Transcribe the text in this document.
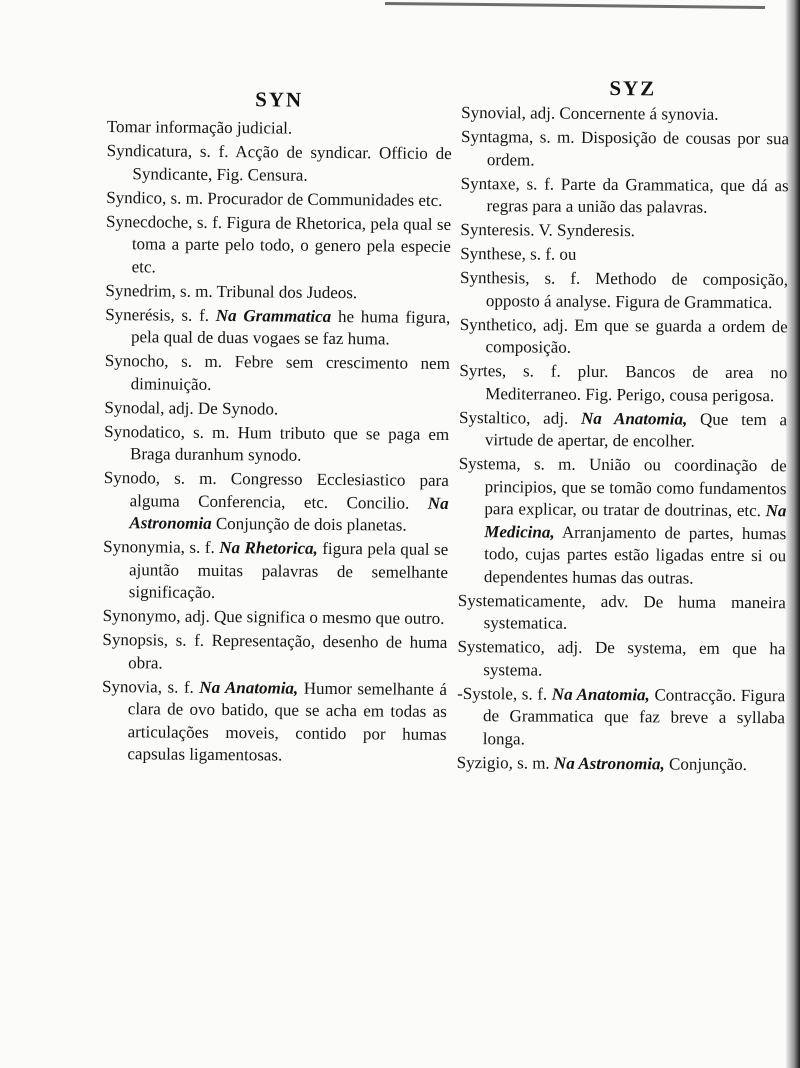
SYN

Tomar informação judicial.

Syndicatura, s. f. Acção de syndicar. Officio de Syndicante, Fig. Censura.

Syndico, s. m. Procurador de Communidades etc.

Synecdoche, s. f. Figura de Rhetorica, pela qual se toma a parte pelo todo, o genero pela especie etc.

Synedrim, s. m. Tribunal dos Judeos.

Synerésis, s. f. Na Grammatica he huma figura, pela qual de duas vogaes se faz huma.

Synocho, s. m. Febre sem crescimento nem diminuição.

Synodal, adj. De Synodo.

Synodatico, s. m. Hum tributo que se paga em Braga duranhum synodo.

Synodo, s. m. Congresso Ecclesiastico para alguma Conferencia, etc. Concilio. Na Astronomia Conjunção de dois planetas.

Synonymia, s. f. Na Rhetorica, figura pela qual se ajuntão muitas palavras de semelhante significação.

Synonymo, adj. Que significa o mesmo que outro.

Synopsis, s. f. Representação, desenho de huma obra.

Synovia, s. f. Na Anatomia, Humor semelhante á clara de ovo batido, que se acha em todas as articulações moveis, contido por humas capsulas ligamentosas.

SYZ

Synovial, adj. Concernente á synovia.

Syntagma, s. m. Disposição de cousas por sua ordem.

Syntaxe, s. f. Parte da Grammatica, que dá as regras para a união das palavras.

Synteresis. V. Synderesis.

Synthese, s. f. ou

Synthesis, s. f. Methodo de composição, opposto á analyse. Figura de Grammatica.

Synthetico, adj. Em que se guarda a ordem de composição.

Syrtes, s. f. plur. Bancos de area no Mediterraneo. Fig. Perigo, cousa perigosa.

Systaltico, adj. Na Anatomia, Que tem a virtude de apertar, de encolher.

Systema, s. m. União ou coordinação de principios, que se tomão como fundamentos para explicar, ou tratar de doutrinas, etc. Na Medicina, Arranjamento de partes, humas todo, cujas partes estão ligadas entre si ou dependentes humas das outras.

Systematicamente, adv. De huma maneira systematica.

Systematico, adj. De systema, em que ha systema.

-Systole, s. f. Na Anatomia, Contracção. Figura de Grammatica que faz breve a syllaba longa.

Syzigio, s. m. Na Astronomia, Conjunção.
